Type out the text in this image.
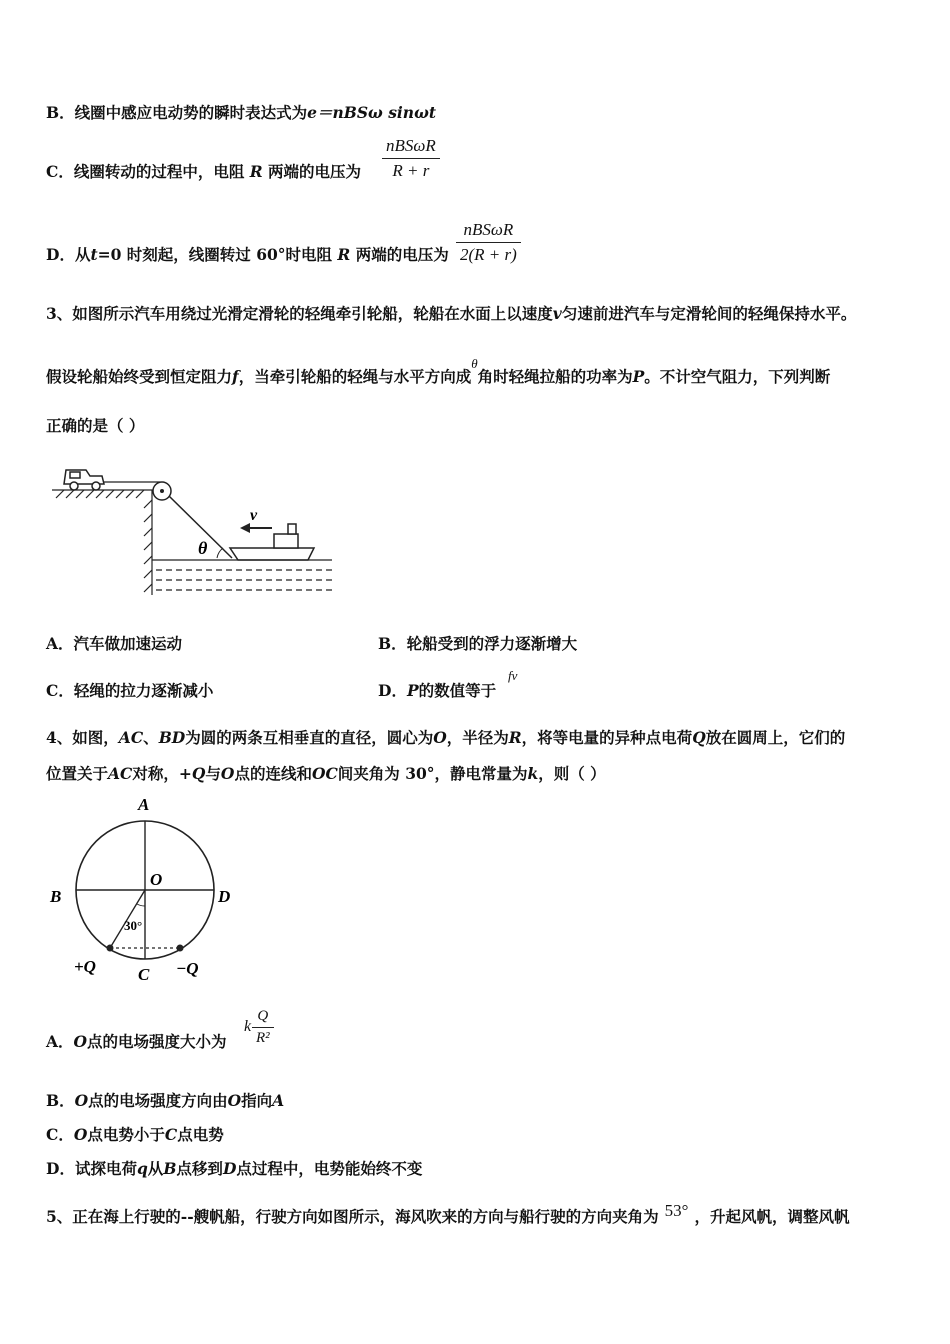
B．线圈中感应电动势的瞬时表达式为e＝nBSω sinωt
C．线圈转动的过程中，电阻 R 两端的电压为
nBSωR
R + r
D．从t=0 时刻起，线圈转过 60°时电阻 R 两端的电压为
nBSωR
2(R + r)
3、如图所示汽车用绕过光滑定滑轮的轻绳牵引轮船，轮船在水面上以速度v匀速前进汽车与定滑轮间的轻绳保持水平。
假设轮船始终受到恒定阻力f，当牵引轮船的轻绳与水平方向成$^\theta$角时轻绳拉船的功率为P。不计空气阻力，下列判断
正确的是（ ）
θ
v
A．汽车做加速运动	B．轮船受到的浮力逐渐增大
C．轻绳的拉力逐渐减小	D．P的数值等于
fv
4、如图，AC、BD为圆的两条互相垂直的直径，圆心为O，半径为R，将等电量的异种点电荷Q放在圆周上，它们的
位置关于AC对称，+Q与O点的连线和OC间夹角为 30°，静电常量为k，则（ ）
A
B	D
O
30°
C
+Q	−Q
A．O点的电场强度大小为
k
Q
R²
B．O点的电场强度方向由O指向A
C．O点电势小于C点电势
D．试探电荷q从B点移到D点过程中，电势能始终不变
5、正在海上行驶的--艘帆船，行驶方向如图所示，海风吹来的方向与船行驶的方向夹角为 53° ，升起风帆，调整风帆
